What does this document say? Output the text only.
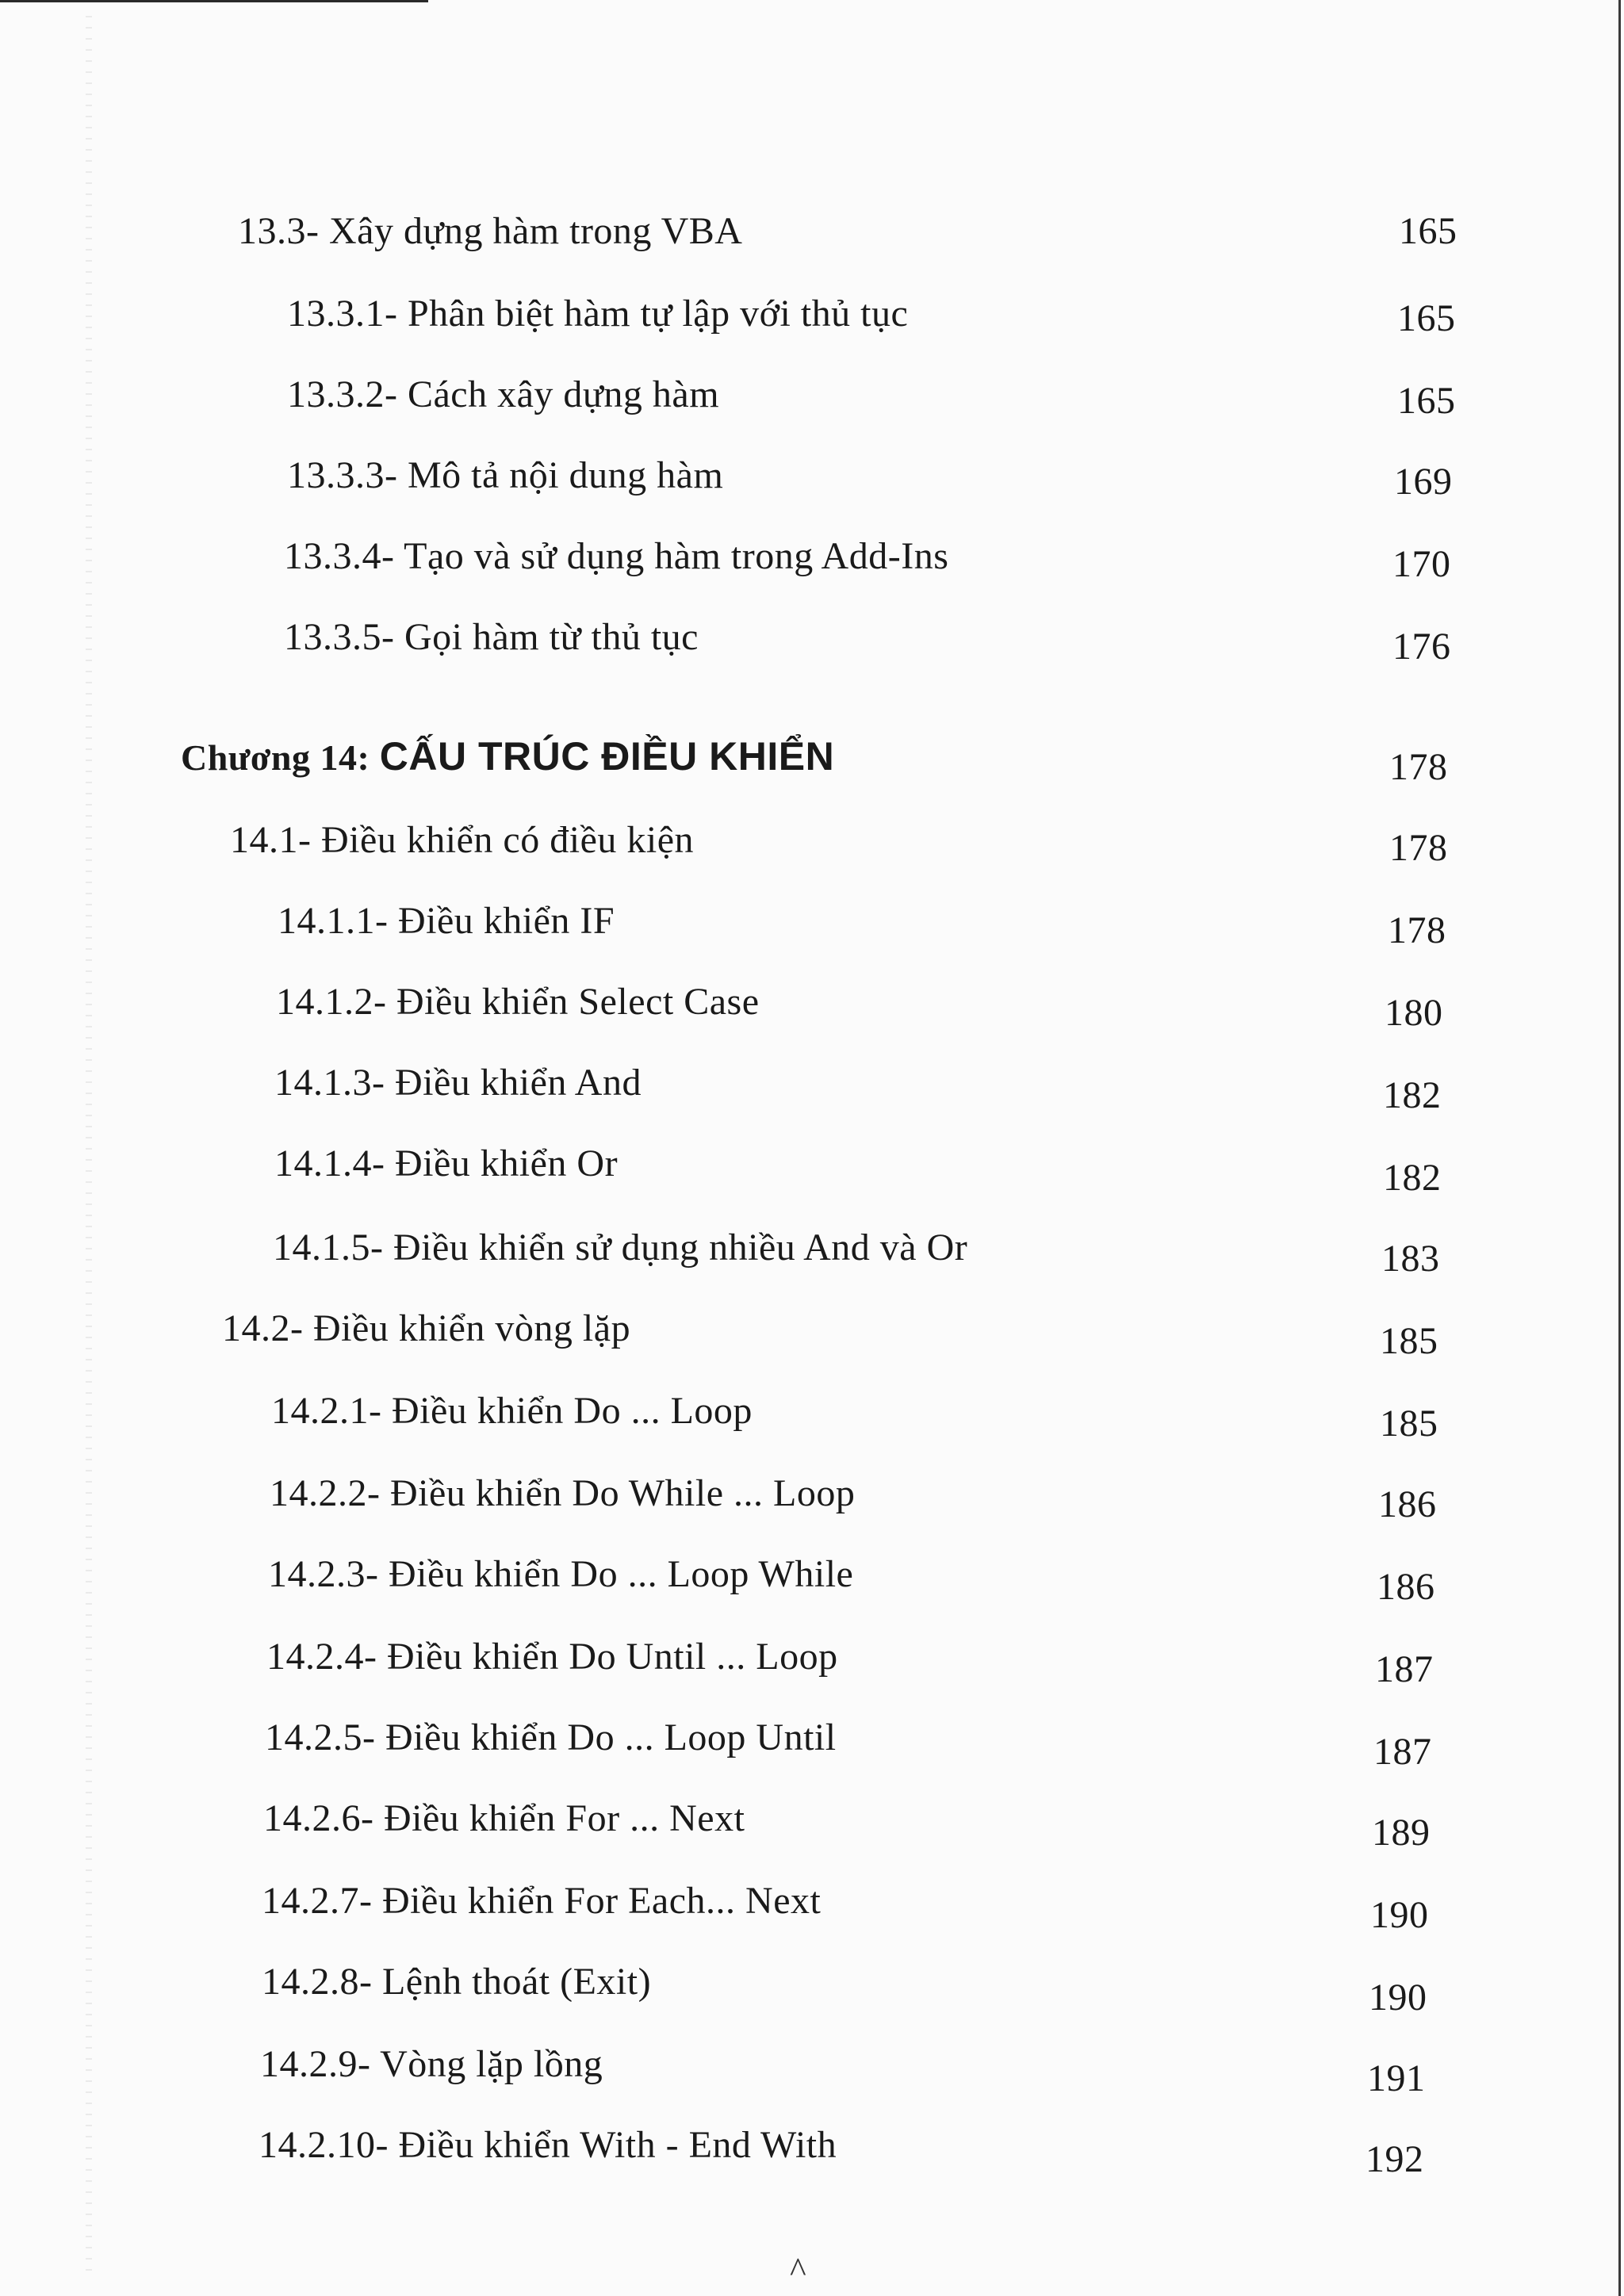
13.3- Xây dựng hàm trong VBA	165
13.3.1- Phân biệt hàm tự lập với thủ tục	165
13.3.2- Cách xây dựng hàm	165
13.3.3- Mô tả nội dung hàm	169
13.3.4- Tạo và sử dụng hàm trong Add-Ins	170
13.3.5- Gọi hàm từ thủ tục	176
Chương 14: CẤU TRÚC ĐIỀU KHIỂN	178
14.1- Điều khiển có điều kiện	178
14.1.1- Điều khiển IF	178
14.1.2- Điều khiển Select Case	180
14.1.3- Điều khiển And	182
14.1.4- Điều khiển Or	182
14.1.5- Điều khiển sử dụng nhiều And và Or	183
14.2- Điều khiển vòng lặp	185
14.2.1- Điều khiển Do ... Loop	185
14.2.2- Điều khiển Do While ... Loop	186
14.2.3- Điều khiển Do ... Loop While	186
14.2.4- Điều khiển Do Until ... Loop	187
14.2.5- Điều khiển Do ... Loop Until	187
14.2.6- Điều khiển For ... Next	189
14.2.7- Điều khiển For Each... Next	190
14.2.8- Lệnh thoát (Exit)	190
14.2.9- Vòng lặp lồng	191
14.2.10- Điều khiển With - End With	192
^
